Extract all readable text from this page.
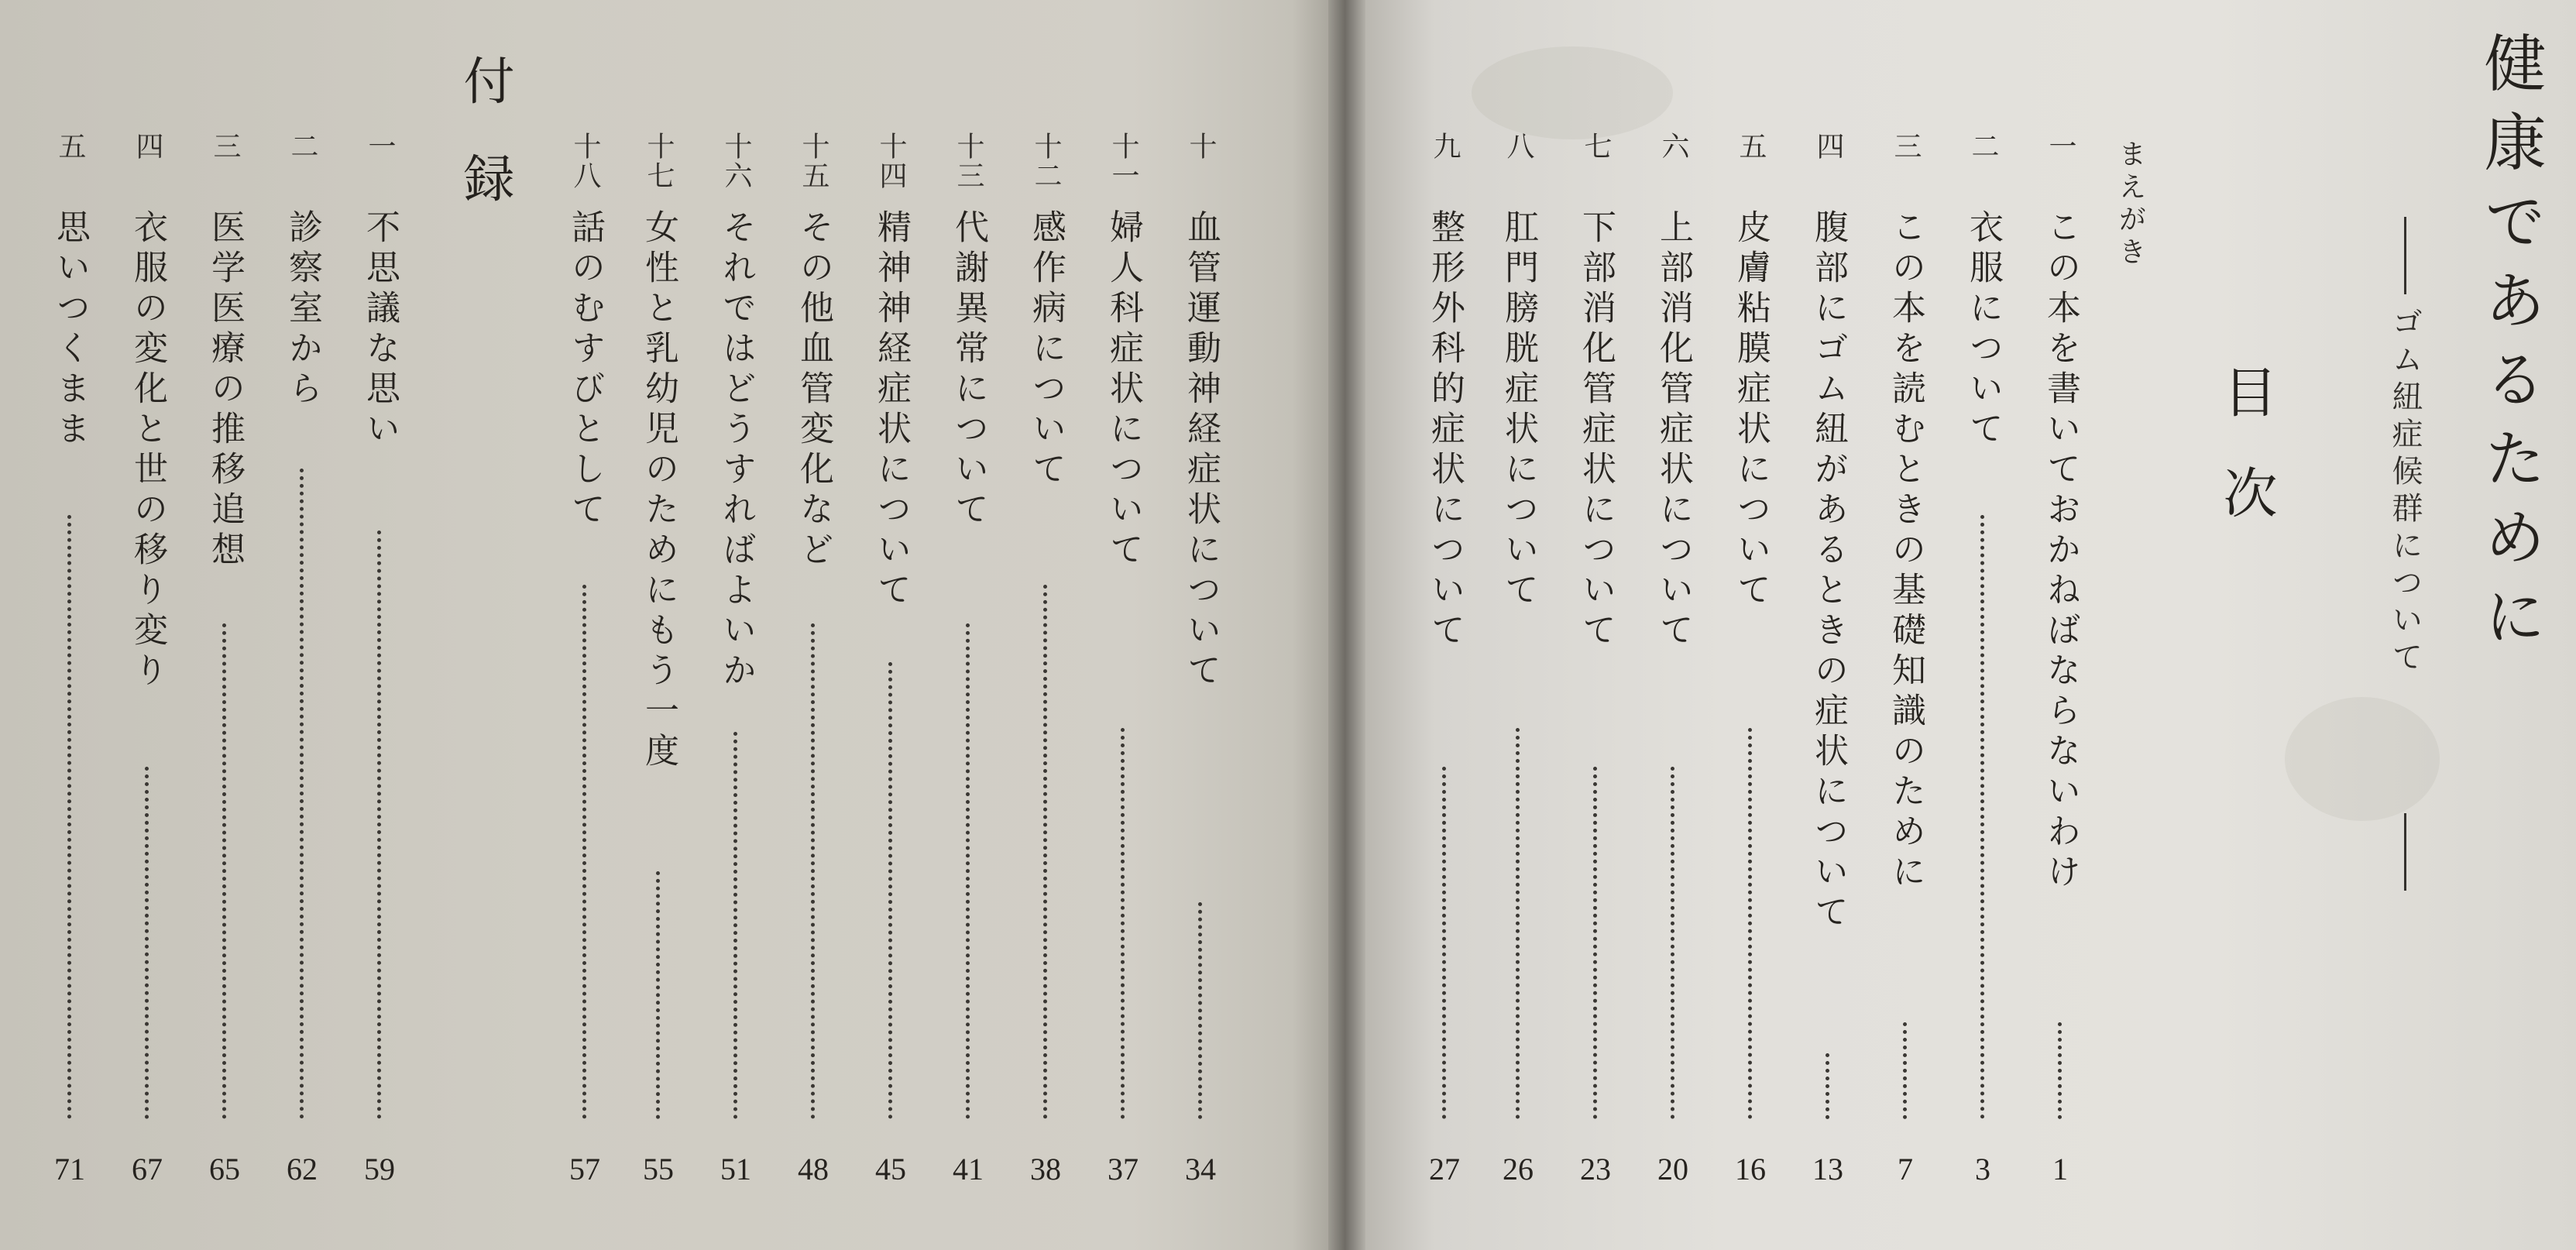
健康であるために
ゴム紐症候群について
目次
まえがき
付録	一
この本を書いておかねばならないわけ
1
二
衣服について
3
三
この本を読むときの基礎知識のために
7
四
腹部にゴム紐があるときの症状について
13
五
皮膚粘膜症状について
16
六
上部消化管症状について
20
七
下部消化管症状について
23
八
肛門膀胱症状について
26
九
整形外科的症状について
27
十
血管運動神経症状について
34
十一
婦人科症状について
37
十二
感作病について
38
十三
代謝異常について
41
十四
精神神経症状について
45
十五
その他血管変化など
48
十六
それではどうすればよいか
51
十七
女性と乳幼児のためにもう一度
55
十八
話のむすびとして
57
一
不思議な思い
59
二
診察室から
62
三
医学医療の推移追想
65
四
衣服の変化と世の移り変り
67
五
思いつくまま
71
